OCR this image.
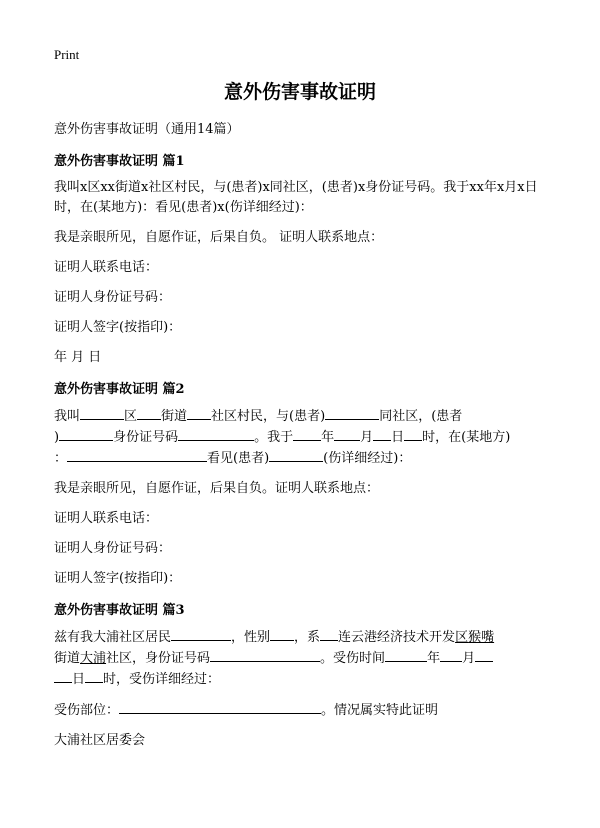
Print
意外伤害事故证明

意外伤害事故证明（通用14篇）

意外伤害事故证明 篇1

我叫x区xx街道x社区村民，与(患者)x同社区，(患者)x身份证号码。我于xx年x月x日时，在(某地方)：看见(患者)x(伤详细经过)：

我是亲眼所见，自愿作证，后果自负。 证明人联系地点：

证明人联系电话：

证明人身份证号码：

证明人签字(按指印)：

年 月 日

意外伤害事故证明 篇2

我叫	区 街道 社区村民，与(患者)	同社区，(患者
)	身份证号码	。我于 年 月 日 时，在(某地方)
：	看见(患者)	(伤详细经过)：

我是亲眼所见，自愿作证，后果自负。证明人联系地点：

证明人联系电话：

证明人身份证号码：

证明人签字(按指印)：

意外伤害事故证明 篇3

兹有我大浦社区居民	，性别 ，系 连云港经济技术开发区猴嘴
街道大浦社区，身份证号码	。受伤时间	年 月
日 时，受伤详细经过：

受伤部位：	。情况属实特此证明

大浦社区居委会
